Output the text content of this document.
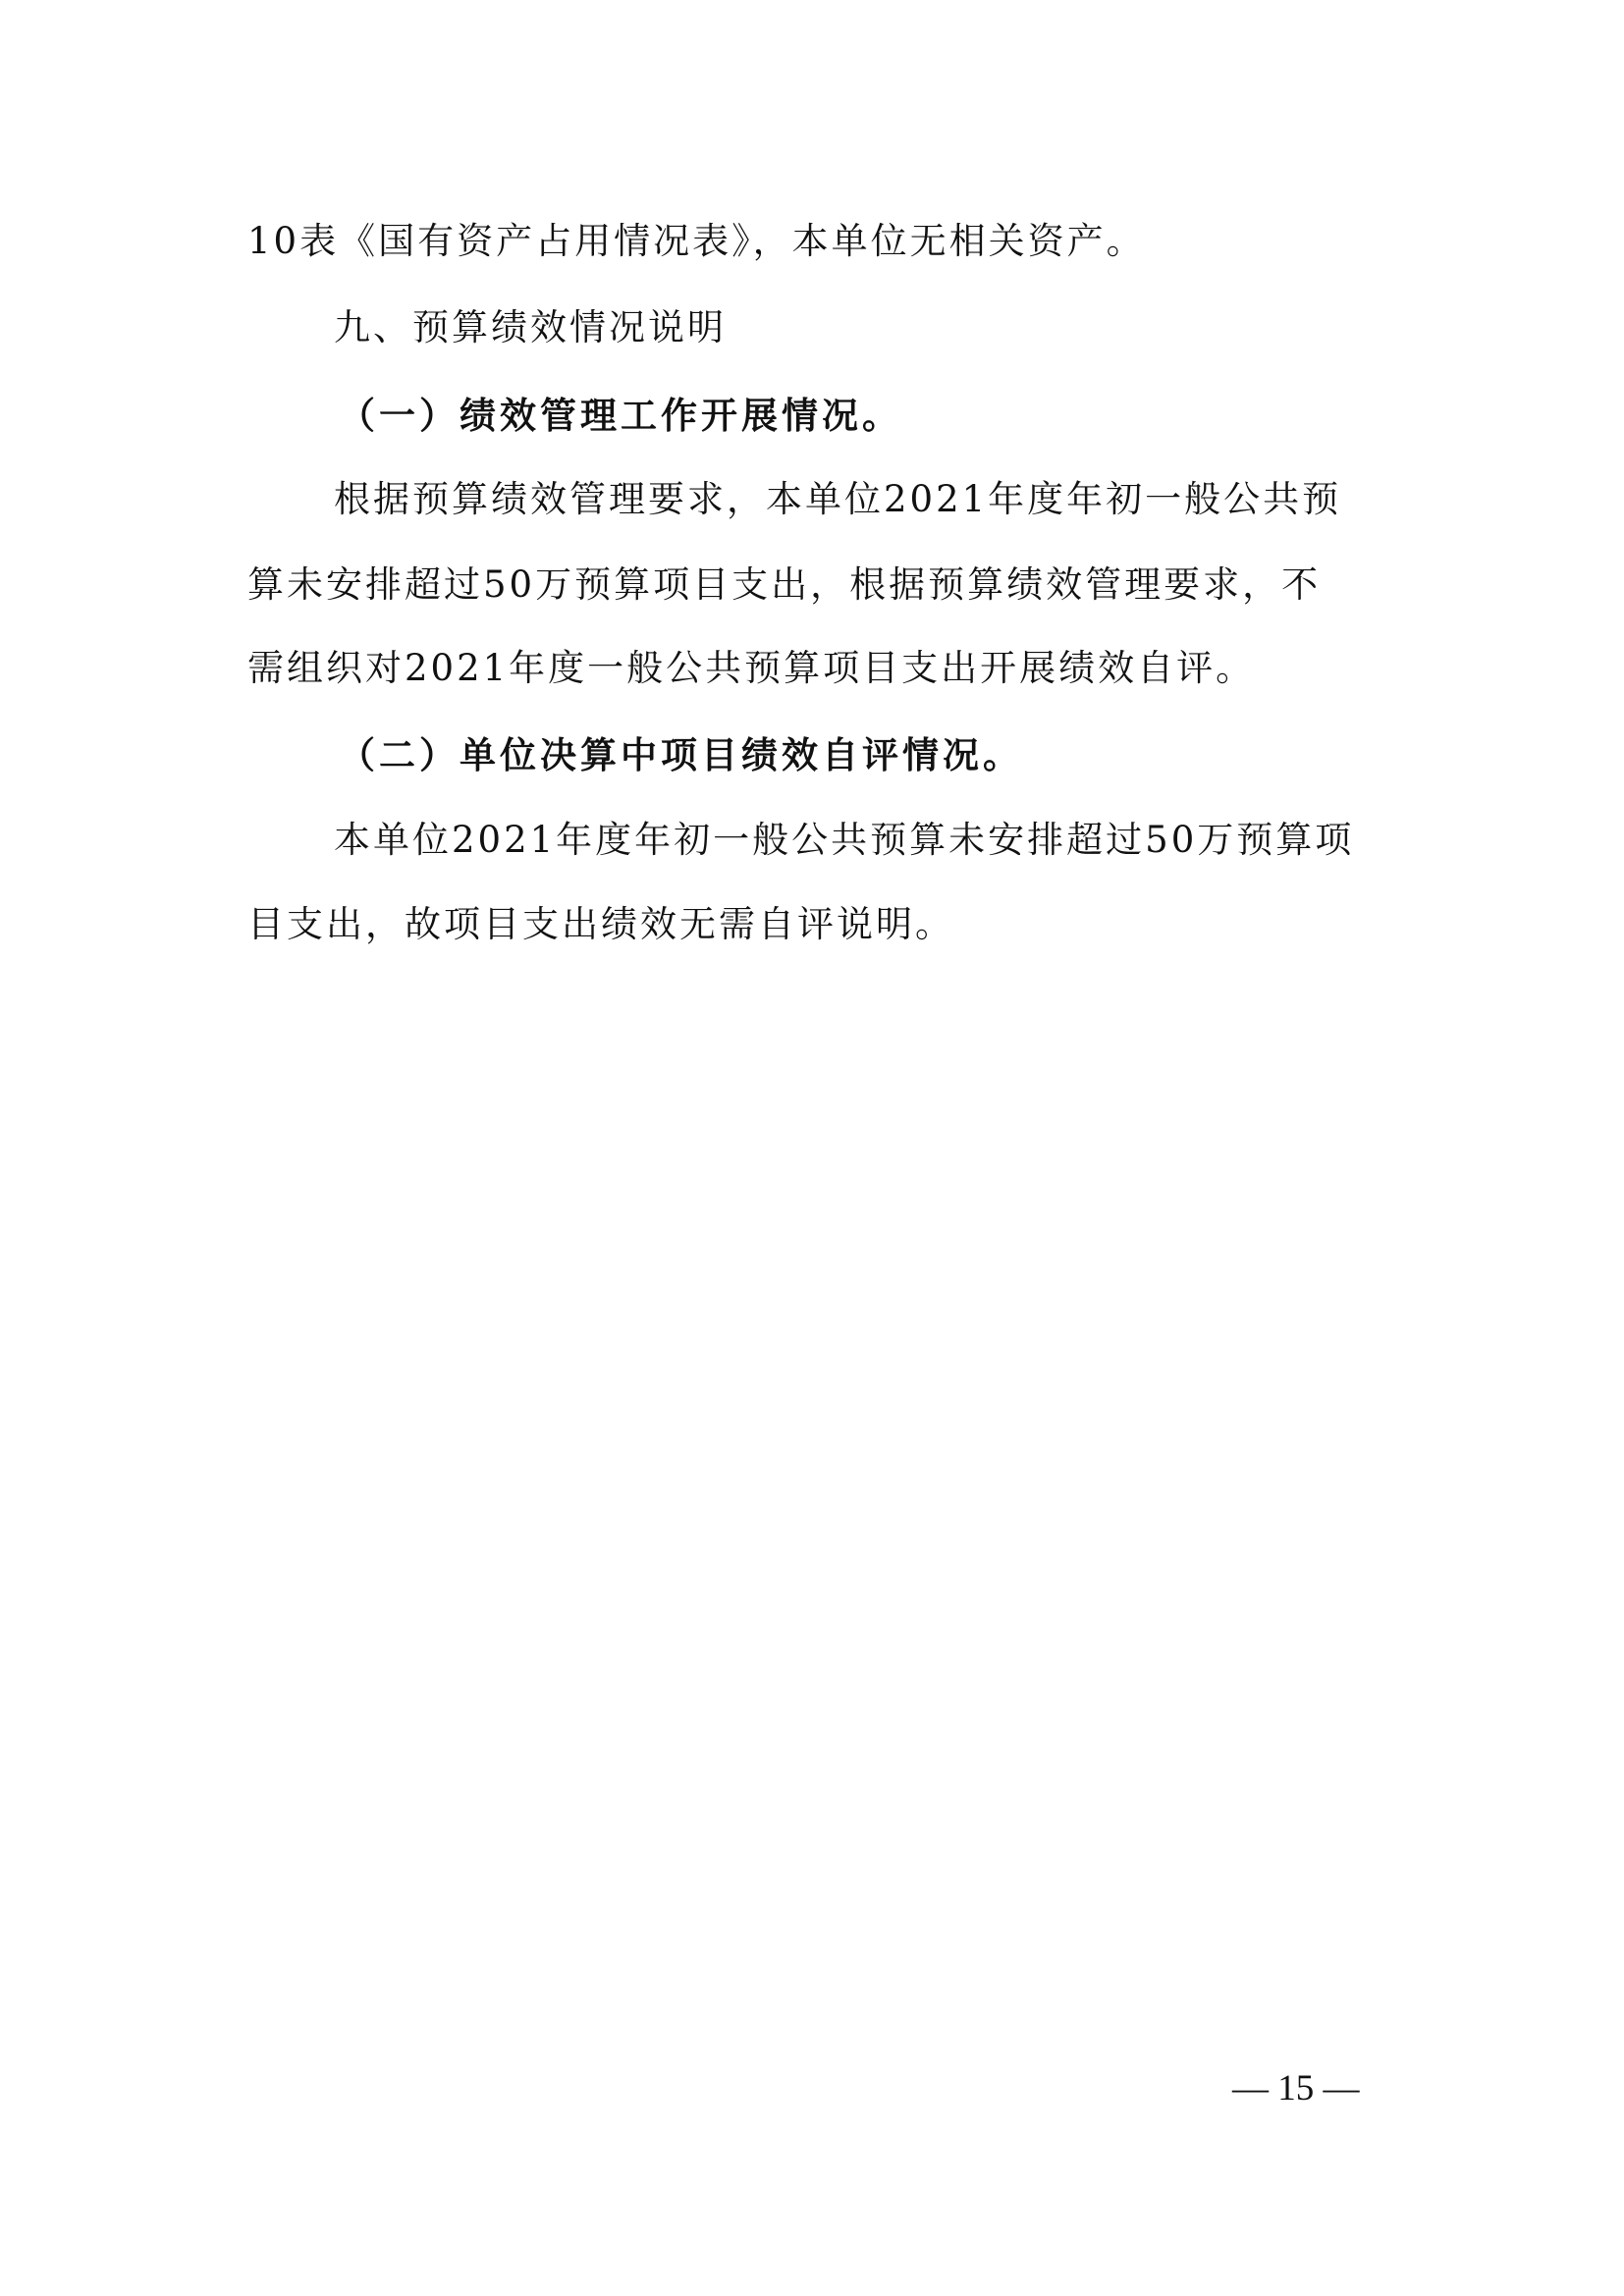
10表《国有资产占用情况表》，本单位无相关资产。
九、预算绩效情况说明
（一）绩效管理工作开展情况。
根据预算绩效管理要求，本单位2021年度年初一般公共预
算未安排超过50万预算项目支出，根据预算绩效管理要求，不
需组织对2021年度一般公共预算项目支出开展绩效自评。
（二）单位决算中项目绩效自评情况。
本单位2021年度年初一般公共预算未安排超过50万预算项
目支出，故项目支出绩效无需自评说明。
— 15 —
